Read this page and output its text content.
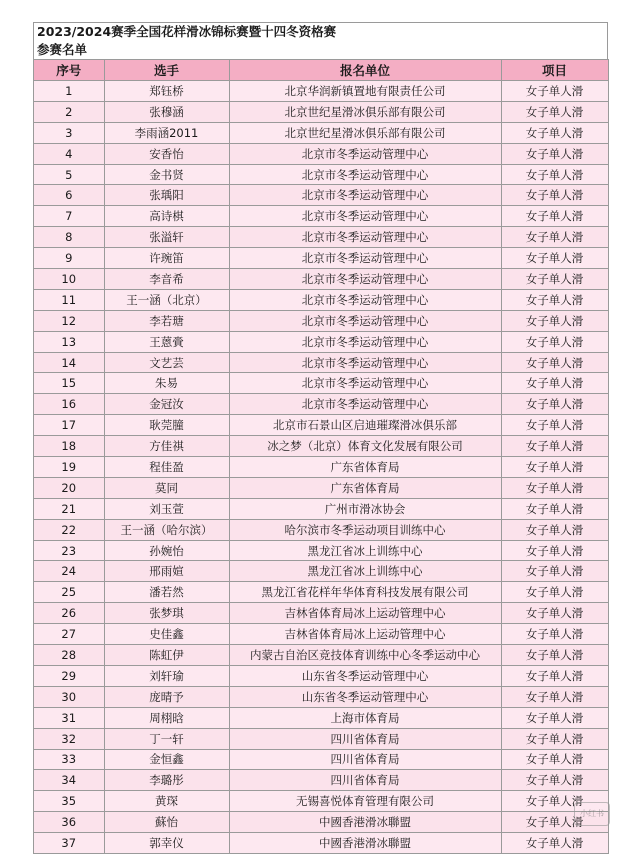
2023/2024赛季全国花样滑冰锦标赛暨十四冬资格赛
参赛名单
序号	选手	报名单位	项目
1	郑钰桥	北京华润新镇置地有限责任公司	女子单人滑
2	张穆涵	北京世纪星滑冰俱乐部有限公司	女子单人滑
3	李雨涵2011	北京世纪星滑冰俱乐部有限公司	女子单人滑
4	安香怡	北京市冬季运动管理中心	女子单人滑
5	金书贤	北京市冬季运动管理中心	女子单人滑
6	张瑀阳	北京市冬季运动管理中心	女子单人滑
7	高诗棋	北京市冬季运动管理中心	女子单人滑
8	张溢轩	北京市冬季运动管理中心	女子单人滑
9	许琬笛	北京市冬季运动管理中心	女子单人滑
10	李音希	北京市冬季运动管理中心	女子单人滑
11	王一涵（北京）	北京市冬季运动管理中心	女子单人滑
12	李若瑭	北京市冬季运动管理中心	女子单人滑
13	王蒽賫	北京市冬季运动管理中心	女子单人滑
14	文艺芸	北京市冬季运动管理中心	女子单人滑
15	朱易	北京市冬季运动管理中心	女子单人滑
16	金冠汝	北京市冬季运动管理中心	女子单人滑
17	耿莞朣	北京市石景山区启迪璀璨滑冰俱乐部	女子单人滑
18	方佳祺	冰之梦（北京）体育文化发展有限公司	女子单人滑
19	程佳盈	广东省体育局	女子单人滑
20	莫同	广东省体育局	女子单人滑
21	刘玉萱	广州市滑冰协会	女子单人滑
22	王一涵（哈尔滨）	哈尔滨市冬季运动项目训练中心	女子单人滑
23	孙婉怡	黑龙江省冰上训练中心	女子单人滑
24	邢雨媗	黑龙江省冰上训练中心	女子单人滑
25	潘若然	黑龙江省花样年华体育科技发展有限公司	女子单人滑
26	张梦琪	吉林省体育局冰上运动管理中心	女子单人滑
27	史佳鑫	吉林省体育局冰上运动管理中心	女子单人滑
28	陈虹伊	内蒙古自治区竞技体育训练中心冬季运动中心	女子单人滑
29	刘轩瑜	山东省冬季运动管理中心	女子单人滑
30	庞晴予	山东省冬季运动管理中心	女子单人滑
31	周栩晗	上海市体育局	女子单人滑
32	丁一轩	四川省体育局	女子单人滑
33	金恒鑫	四川省体育局	女子单人滑
34	李璐彤	四川省体育局	女子单人滑
35	黄琛	无锡喜悦体育管理有限公司	女子单人滑
36	蘇怡	中國香港滑冰聯盟	女子单人滑
37	郭幸仪	中國香港滑冰聯盟	女子单人滑
小红书
